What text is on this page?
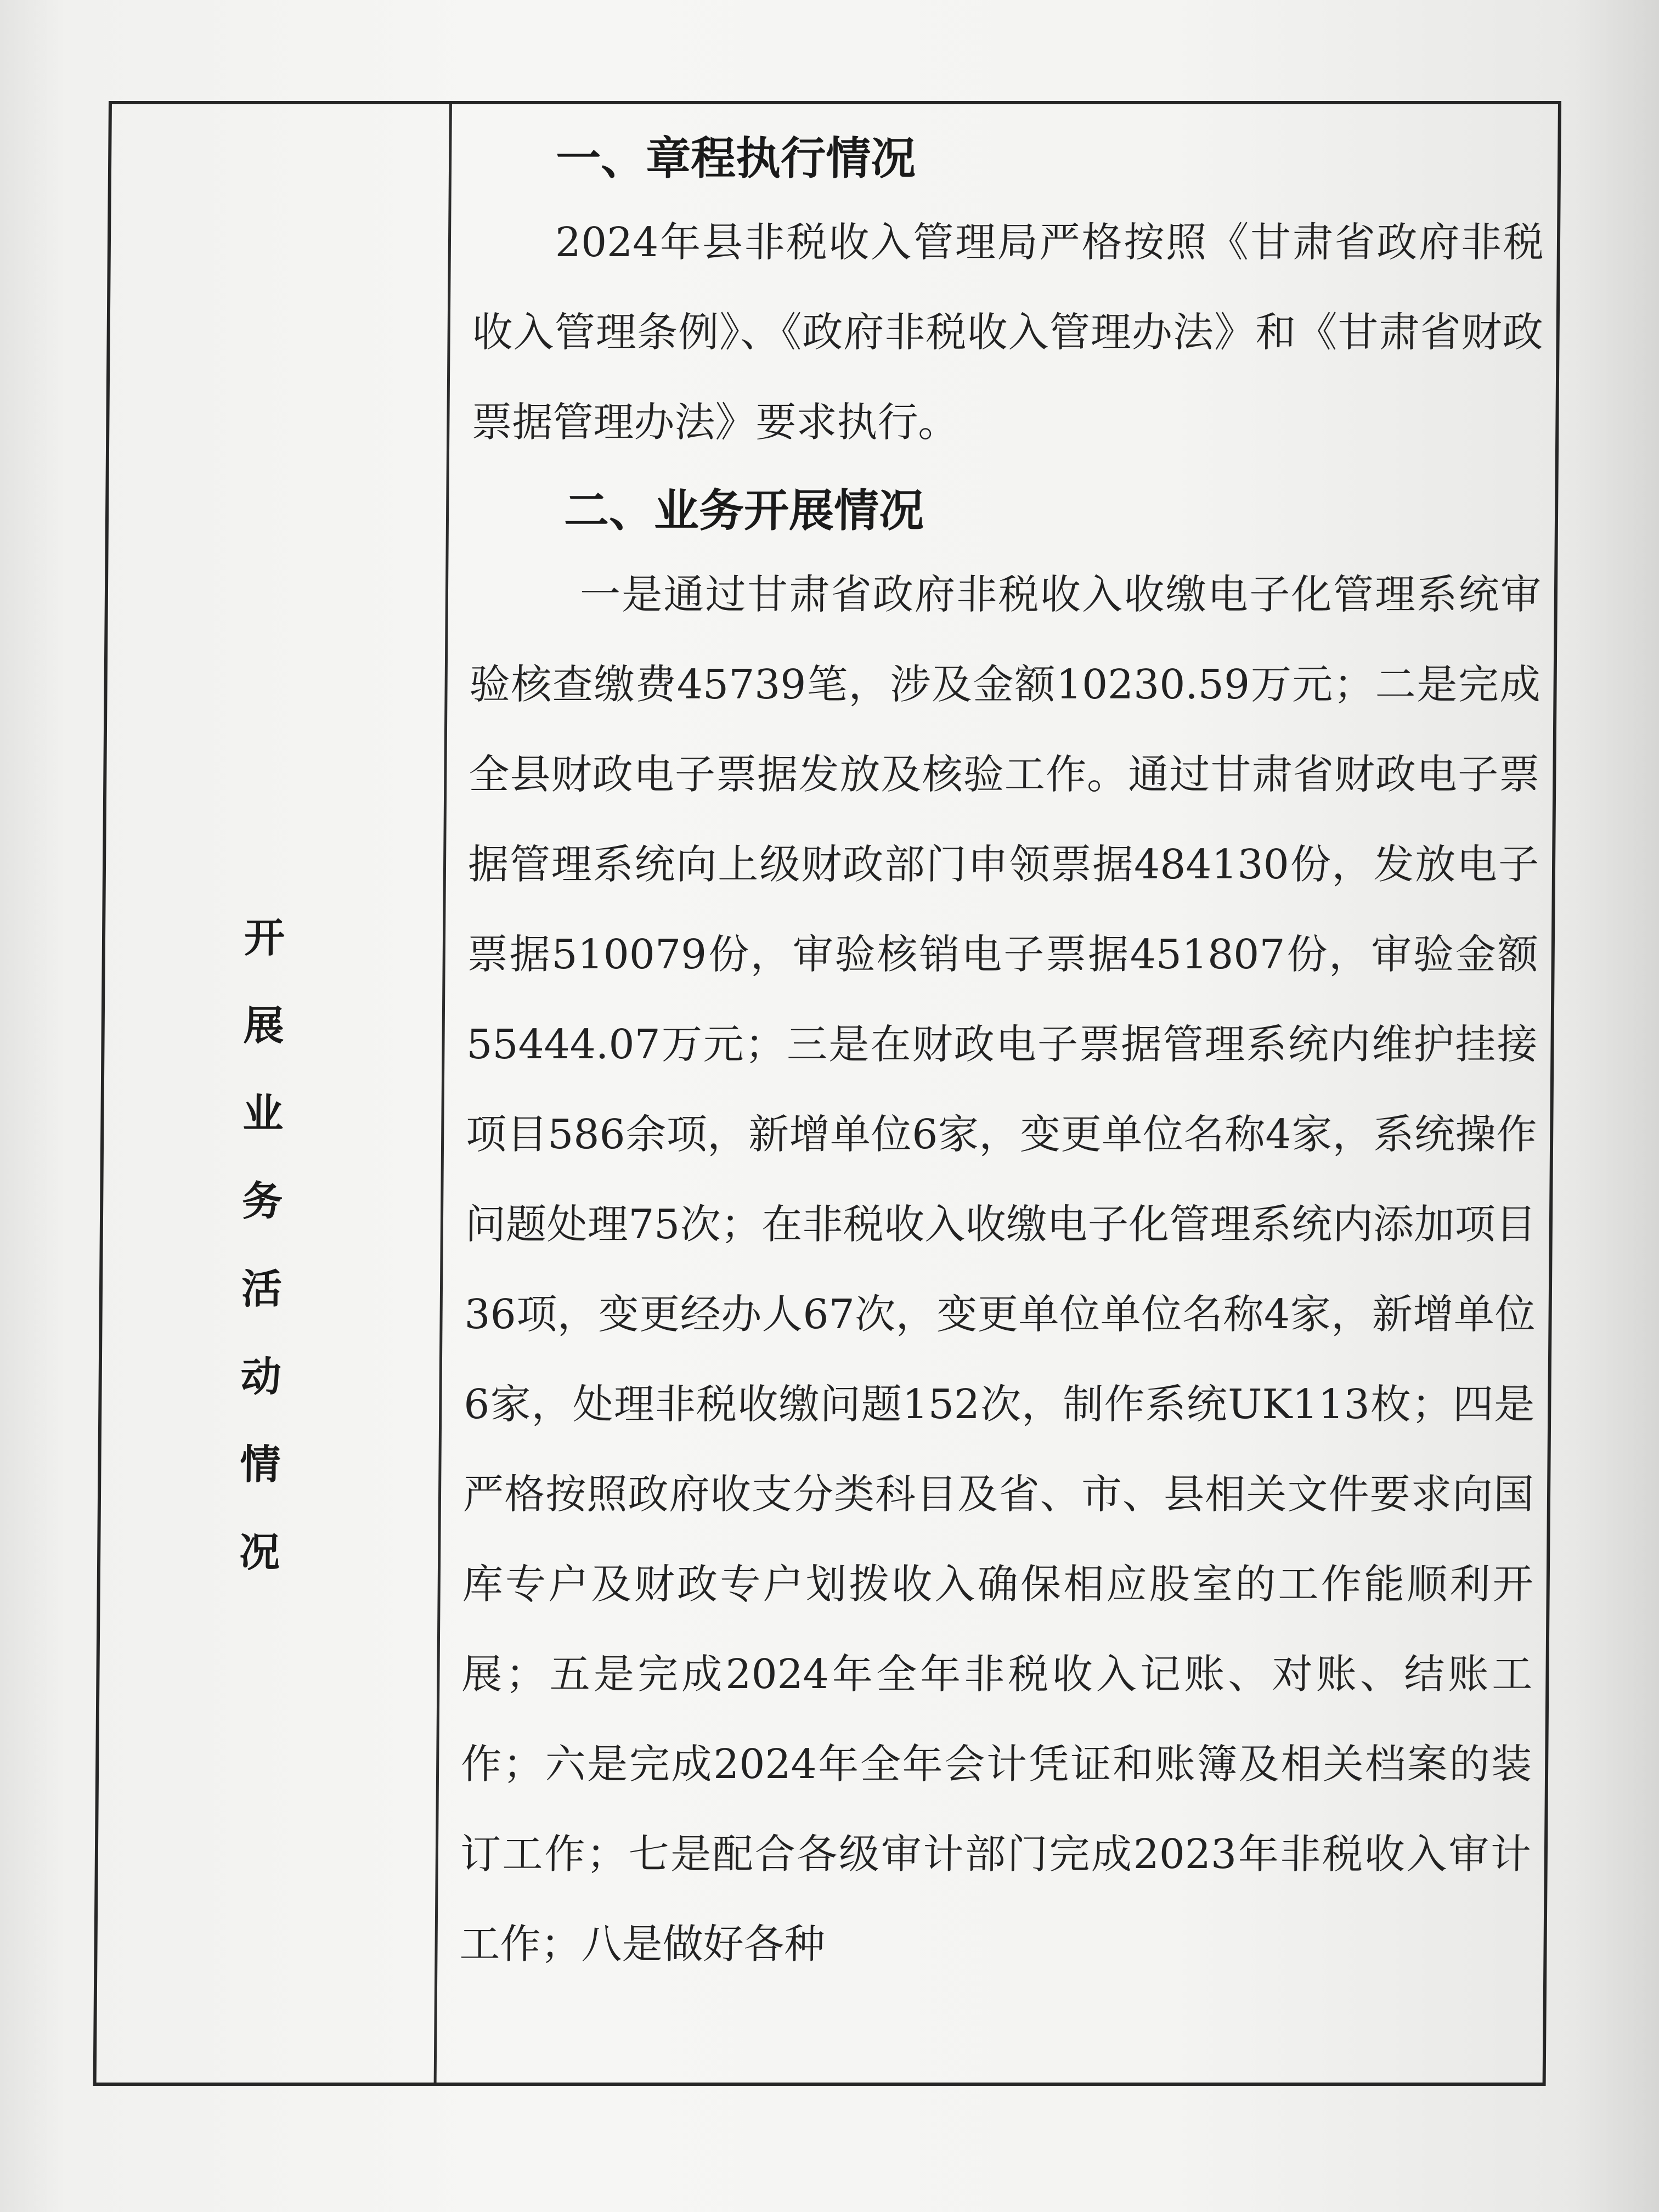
开
展
业
务
活
动
情
况
一、章程执行情况

2024年县非税收入管理局严格按照《甘肃省政府非税收入管理条例》、《政府非税收入管理办法》和《甘肃省财政票据管理办法》要求执行。

二、业务开展情况

一是通过甘肃省政府非税收入收缴电子化管理系统审验核查缴费45739笔，涉及金额10230.59万元；二是完成全县财政电子票据发放及核验工作。通过甘肃省财政电子票据管理系统向上级财政部门申领票据484130份，发放电子票据510079份，审验核销电子票据451807份，审验金额55444.07万元；三是在财政电子票据管理系统内维护挂接项目586余项，新增单位6家，变更单位名称4家，系统操作问题处理75次；在非税收入收缴电子化管理系统内添加项目36项，变更经办人67次，变更单位单位名称4家，新增单位6家，处理非税收缴问题152次，制作系统UK113枚；四是严格按照政府收支分类科目及省、市、县相关文件要求向国库专户及财政专户划拨收入确保相应股室的工作能顺利开展；五是完成2024年全年非税收入记账、对账、结账工作；六是完成2024年全年会计凭证和账簿及相关档案的装订工作；七是配合各级审计部门完成2023年非税收入审计工作；八是做好各种
